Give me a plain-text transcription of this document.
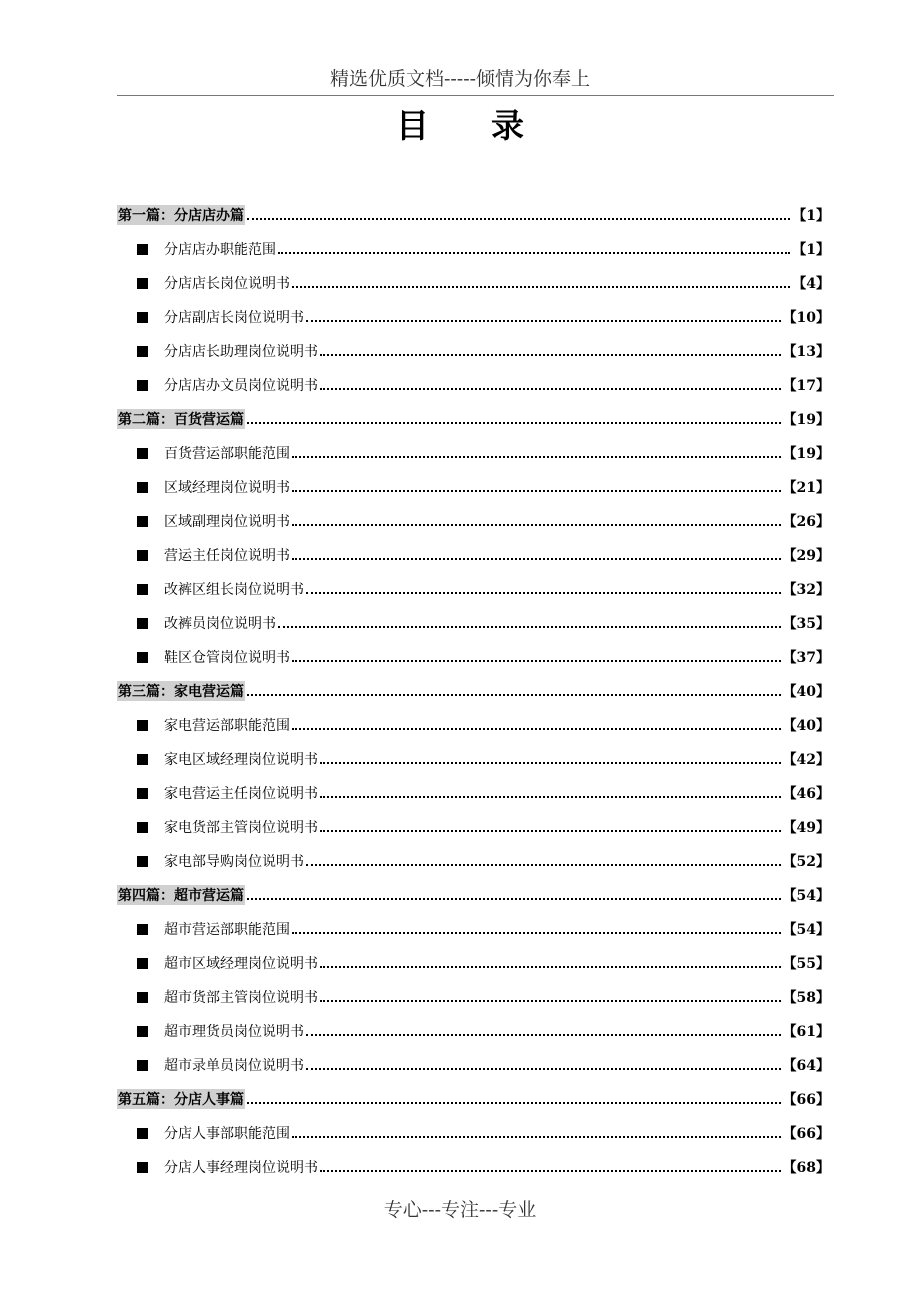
精选优质文档-----倾情为你奉上
目 录
第一篇：分店店办篇	【1】
分店店办职能范围	【1】
分店店长岗位说明书	【4】
分店副店长岗位说明书	【10】
分店店长助理岗位说明书	【13】
分店店办文员岗位说明书	【17】
第二篇：百货营运篇	【19】
百货营运部职能范围	【19】
区域经理岗位说明书	【21】
区域副理岗位说明书	【26】
营运主任岗位说明书	【29】
改裤区组长岗位说明书	【32】
改裤员岗位说明书	【35】
鞋区仓管岗位说明书	【37】
第三篇：家电营运篇	【40】
家电营运部职能范围	【40】
家电区域经理岗位说明书	【42】
家电营运主任岗位说明书	【46】
家电货部主管岗位说明书	【49】
家电部导购岗位说明书	【52】
第四篇：超市营运篇	【54】
超市营运部职能范围	【54】
超市区域经理岗位说明书	【55】
超市货部主管岗位说明书	【58】
超市理货员岗位说明书	【61】
超市录单员岗位说明书	【64】
第五篇：分店人事篇	【66】
分店人事部职能范围	【66】
分店人事经理岗位说明书	【68】
专心---专注---专业
